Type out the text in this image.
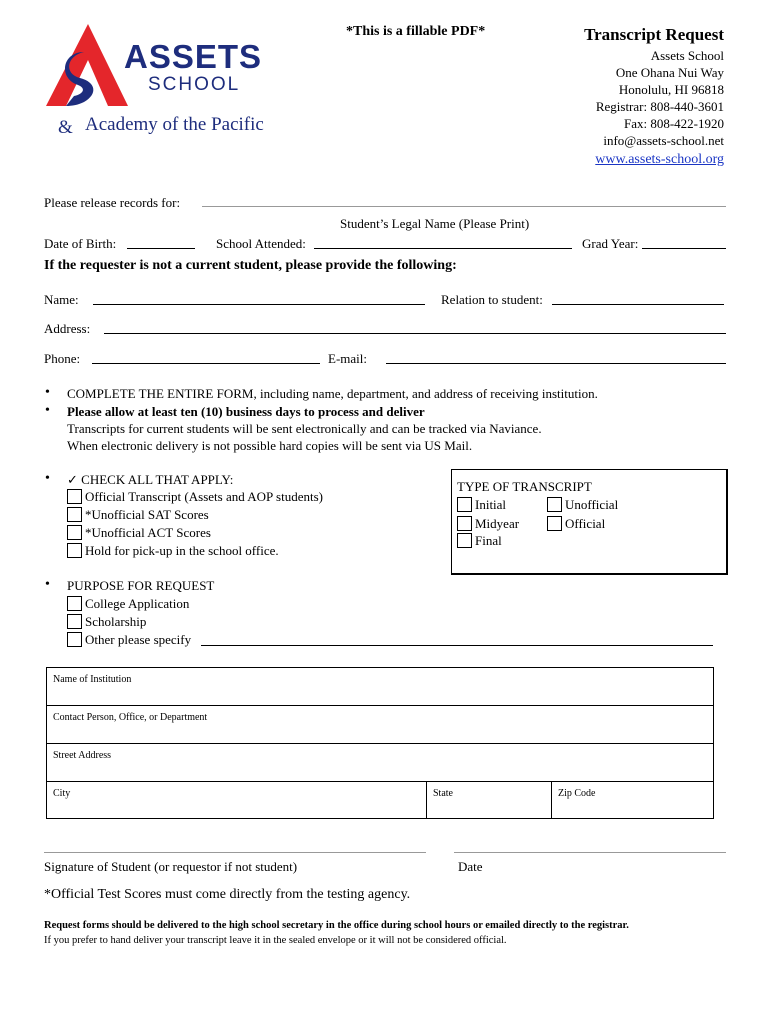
ASSETS
SCHOOL
& Academy of the Pacific
*This is a fillable PDF*	Transcript Request
Assets School
One Ohana Nui Way
Honolulu, HI 96818
Registrar: 808-440-3601
Fax: 808-422-1920
info@assets-school.net
www.assets-school.org
Please release records for:
Student’s Legal Name (Please Print)
Date of Birth:	School Attended:	Grad Year:
If the requester is not a current student, please provide the following:
Name:	Relation to student:
Address:
Phone:	E-mail:
• COMPLETE THE ENTIRE FORM, including name, department, and address of receiving institution.
• Please allow at least ten (10) business days to process and deliver
Transcripts for current students will be sent electronically and can be tracked via Naviance.
When electronic delivery is not possible hard copies will be sent via US Mail.
• ✓ CHECK ALL THAT APPLY:
Official Transcript (Assets and AOP students)
*Unofficial SAT Scores
*Unofficial ACT Scores
Hold for pick-up in the school office.
TYPE OF TRANSCRIPT
Initial	Unofficial
Midyear	Official
Final
• PURPOSE FOR REQUEST
College Application
Scholarship
Other please specify
Name of Institution
Contact Person, Office, or Department
Street Address
City	State	Zip Code
Signature of Student (or requestor if not student)	Date
*Official Test Scores must come directly from the testing agency.
Request forms should be delivered to the high school secretary in the office during school hours or emailed directly to the registrar.
If you prefer to hand deliver your transcript leave it in the sealed envelope or it will not be considered official.
